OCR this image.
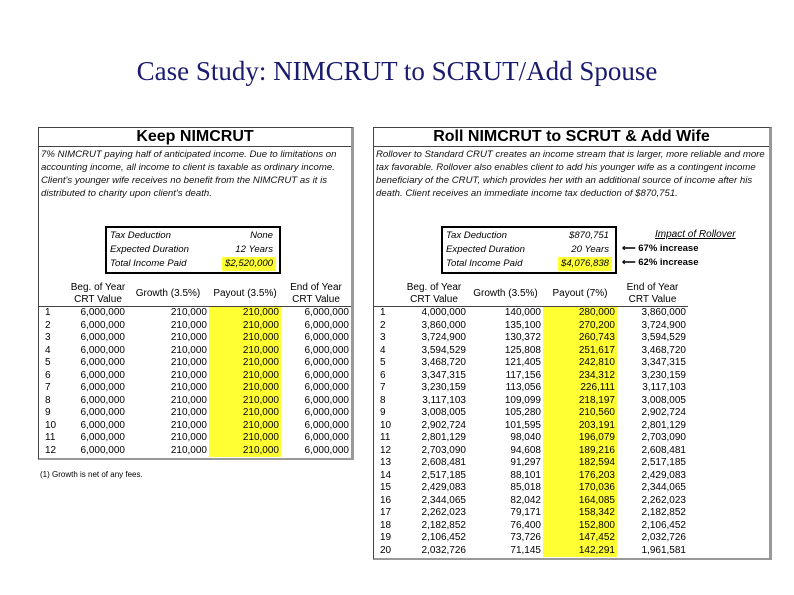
Case Study: NIMCRUT to SCRUT/Add Spouse
Keep NIMCRUT
7% NIMCRUT paying half of anticipated income. Due to limitations on accounting income, all income to client is taxable as ordinary income. Client's younger wife receives no benefit from the NIMCRUT as it is distributed to charity upon client's death.
Tax Deduction	None
Expected Duration	12 Years
Total Income Paid	$2,520,000
	Beg. of Year CRT Value	Growth (3.5%)	Payout (3.5%)	End of Year CRT Value
1	6,000,000	210,000	210,000	6,000,000
2	6,000,000	210,000	210,000	6,000,000
3	6,000,000	210,000	210,000	6,000,000
4	6,000,000	210,000	210,000	6,000,000
5	6,000,000	210,000	210,000	6,000,000
6	6,000,000	210,000	210,000	6,000,000
7	6,000,000	210,000	210,000	6,000,000
8	6,000,000	210,000	210,000	6,000,000
9	6,000,000	210,000	210,000	6,000,000
10	6,000,000	210,000	210,000	6,000,000
11	6,000,000	210,000	210,000	6,000,000
12	6,000,000	210,000	210,000	6,000,000
(1) Growth is net of any fees.
Roll NIMCRUT to SCRUT & Add Wife
Rollover to Standard CRUT creates an income stream that is larger, more reliable and more tax favorable. Rollover also enables client to add his younger wife as a contingent income beneficiary of the CRUT, which provides her with an additional source of income after his death. Client receives an immediate income tax deduction of $870,751.
Tax Deduction	$870,751
Expected Duration	20 Years
Total Income Paid	$4,076,838
Impact of Rollover
⟵ 67% increase
⟵ 62% increase
	Beg. of Year CRT Value	Growth (3.5%)	Payout (7%)	End of Year CRT Value
1	4,000,000	140,000	280,000	3,860,000
2	3,860,000	135,100	270,200	3,724,900
3	3,724,900	130,372	260,743	3,594,529
4	3,594,529	125,808	251,617	3,468,720
5	3,468,720	121,405	242,810	3,347,315
6	3,347,315	117,156	234,312	3,230,159
7	3,230,159	113,056	226,111	3,117,103
8	3,117,103	109,099	218,197	3,008,005
9	3,008,005	105,280	210,560	2,902,724
10	2,902,724	101,595	203,191	2,801,129
11	2,801,129	98,040	196,079	2,703,090
12	2,703,090	94,608	189,216	2,608,481
13	2,608,481	91,297	182,594	2,517,185
14	2,517,185	88,101	176,203	2,429,083
15	2,429,083	85,018	170,036	2,344,065
16	2,344,065	82,042	164,085	2,262,023
17	2,262,023	79,171	158,342	2,182,852
18	2,182,852	76,400	152,800	2,106,452
19	2,106,452	73,726	147,452	2,032,726
20	2,032,726	71,145	142,291	1,961,581
